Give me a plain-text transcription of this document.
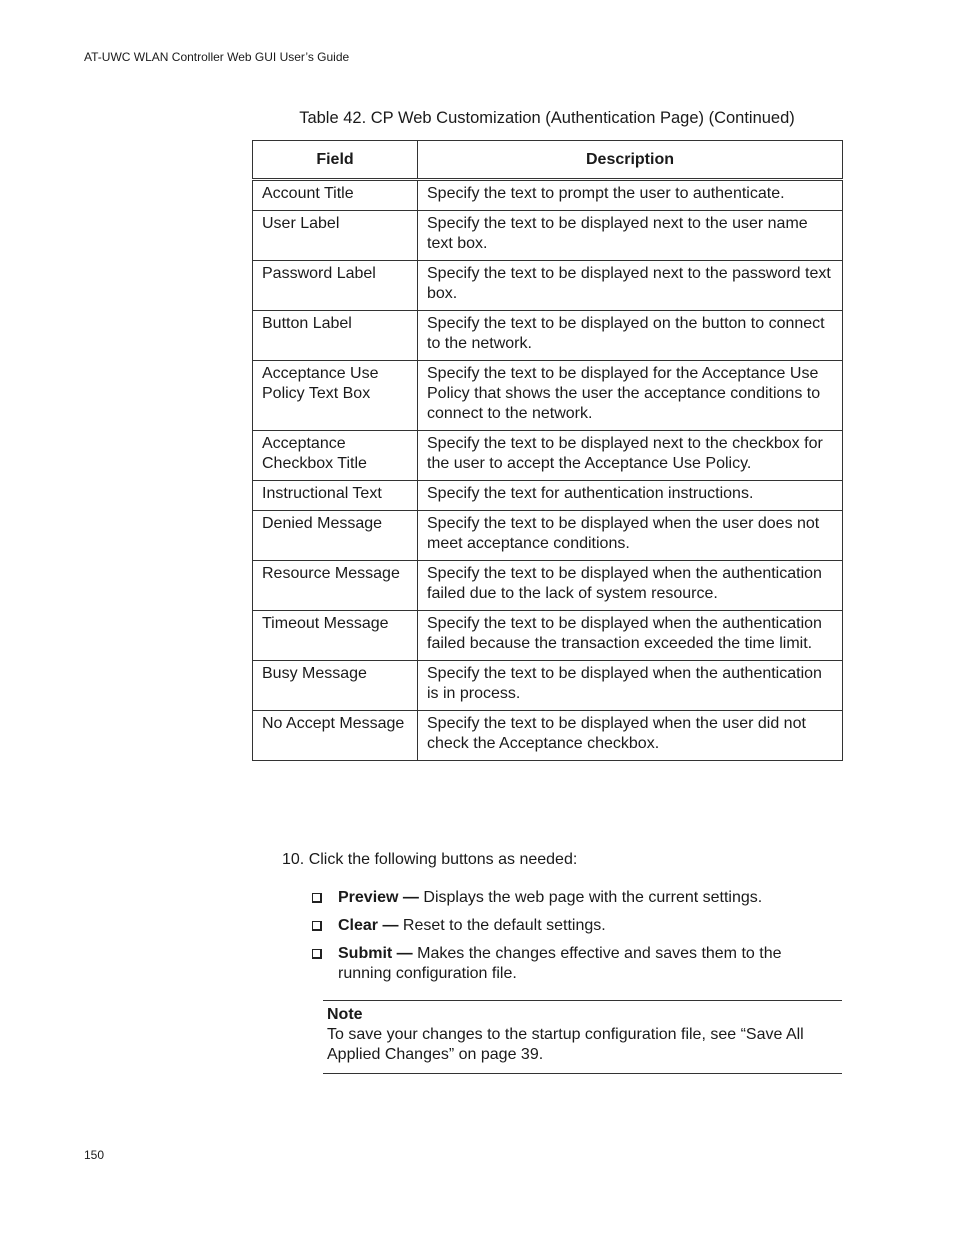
AT-UWC WLAN Controller Web GUI User’s Guide
Table 42. CP Web Customization (Authentication Page) (Continued)
Field	Description
Account Title	Specify the text to prompt the user to authenticate.
User Label	Specify the text to be displayed next to the user name text box.
Password Label	Specify the text to be displayed next to the password text box.
Button Label	Specify the text to be displayed on the button to connect to the network.
Acceptance Use Policy Text Box	Specify the text to be displayed for the Acceptance Use Policy that shows the user the acceptance conditions to connect to the network.
Acceptance Checkbox Title	Specify the text to be displayed next to the checkbox for the user to accept the Acceptance Use Policy.
Instructional Text	Specify the text for authentication instructions.
Denied Message	Specify the text to be displayed when the user does not meet acceptance conditions.
Resource Message	Specify the text to be displayed when the authentication failed due to the lack of system resource.
Timeout Message	Specify the text to be displayed when the authentication failed because the transaction exceeded the time limit.
Busy Message	Specify the text to be displayed when the authentication is in process.
No Accept Message	Specify the text to be displayed when the user did not check the Acceptance checkbox.
10. Click the following buttons as needed:
Preview — Displays the web page with the current settings.
Clear — Reset to the default settings.
Submit — Makes the changes effective and saves them to the running configuration file.
Note
To save your changes to the startup configuration file, see “Save All Applied Changes” on page 39.
150
